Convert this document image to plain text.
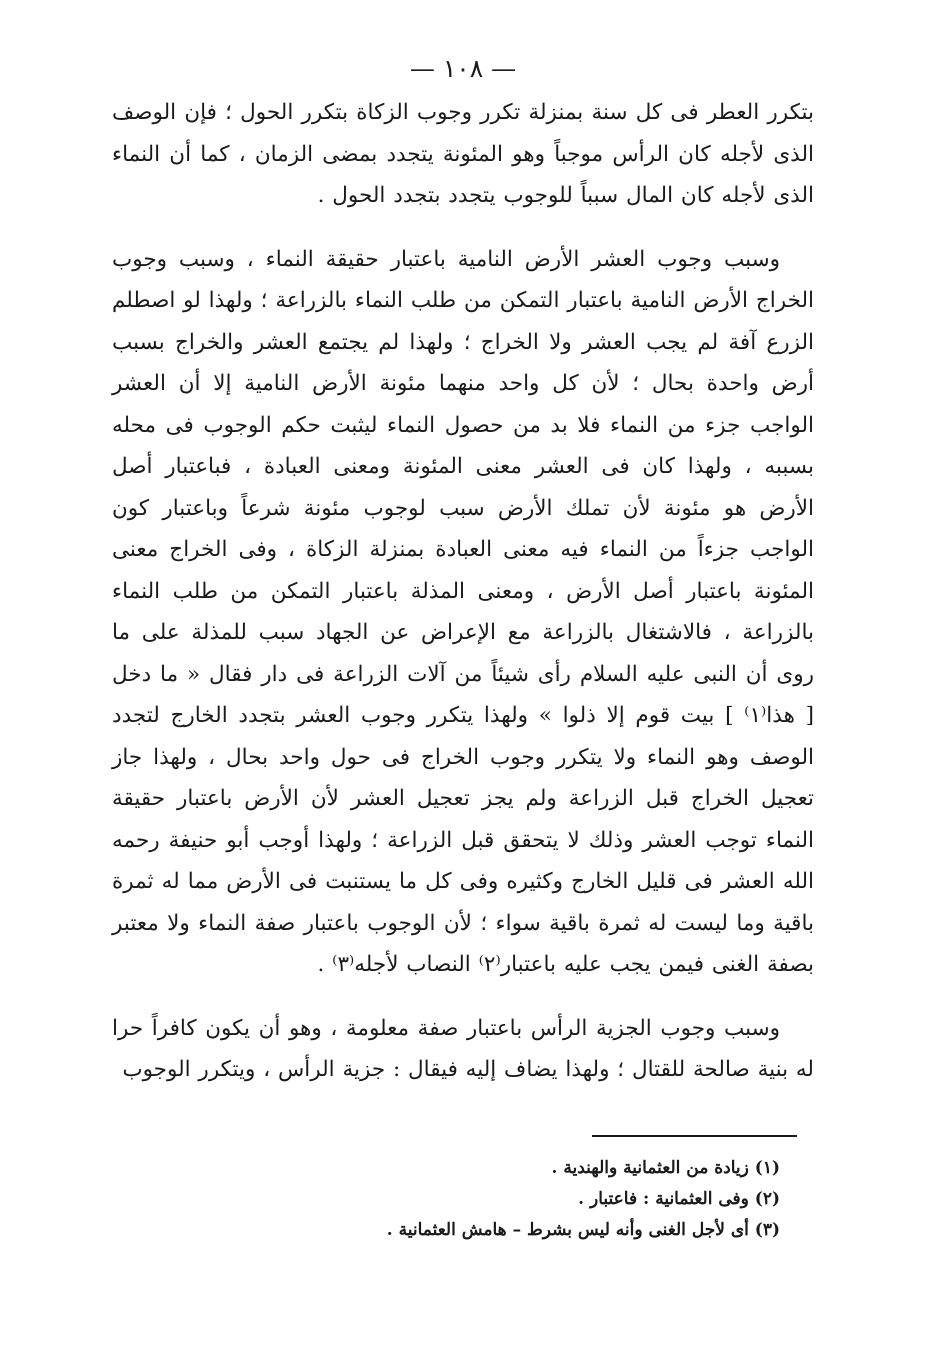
— ١٠٨ —

بتكرر العطر فى كل سنة بمنزلة تكرر وجوب الزكاة بتكرر الحول ؛ فإن الوصف الذى لأجله كان الرأس موجباً وهو المئونة يتجدد بمضى الزمان ، كما أن النماء الذى لأجله كان المال سبباً للوجوب يتجدد بتجدد الحول .

وسبب وجوب العشر الأرض النامية باعتبار حقيقة النماء ، وسبب وجوب الخراج الأرض النامية باعتبار التمكن من طلب النماء بالزراعة ؛ ولهذا لو اصطلم الزرع آفة لم يجب العشر ولا الخراج ؛ ولهذا لم يجتمع العشر والخراج بسبب أرض واحدة بحال ؛ لأن كل واحد منهما مئونة الأرض النامية إلا أن العشر الواجب جزء من النماء فلا بد من حصول النماء ليثبت حكم الوجوب فى محله بسببه ، ولهذا كان فى العشر معنى المئونة ومعنى العبادة ، فباعتبار أصل الأرض هو مئونة لأن تملك الأرض سبب لوجوب مئونة شرعاً وباعتبار كون الواجب جزءاً من النماء فيه معنى العبادة بمنزلة الزكاة ، وفى الخراج معنى المئونة باعتبار أصل الأرض ، ومعنى المذلة باعتبار التمكن من طلب النماء بالزراعة ، فالاشتغال بالزراعة مع الإعراض عن الجهاد سبب للمذلة على ما روى أن النبى عليه السلام رأى شيئاً من آلات الزراعة فى دار فقال « ما دخل [ هذا⁽١⁾ ] بيت قوم إلا ذلوا » ولهذا يتكرر وجوب العشر بتجدد الخارج لتجدد الوصف وهو النماء ولا يتكرر وجوب الخراج فى حول واحد بحال ، ولهذا جاز تعجيل الخراج قبل الزراعة ولم يجز تعجيل العشر لأن الأرض باعتبار حقيقة النماء توجب العشر وذلك لا يتحقق قبل الزراعة ؛ ولهذا أوجب أبو حنيفة رحمه الله العشر فى قليل الخارج وكثيره وفى كل ما يستنبت فى الأرض مما له ثمرة باقية وما ليست له ثمرة باقية سواء ؛ لأن الوجوب باعتبار صفة النماء ولا معتبر بصفة الغنى فيمن يجب عليه باعتبار⁽٢⁾ النصاب لأجله⁽٣⁾ .

وسبب وجوب الجزية الرأس باعتبار صفة معلومة ، وهو أن يكون كافراً حرا له بنية صالحة للقتال ؛ ولهذا يضاف إليه فيقال : جزية الرأس ، ويتكرر الوجوب

(١) زيادة من العثمانية والهندية .

(٢) وفى العثمانية : فاعتبار .

(٣) أى لأجل الغنى وأنه ليس بشرط – هامش العثمانية .
